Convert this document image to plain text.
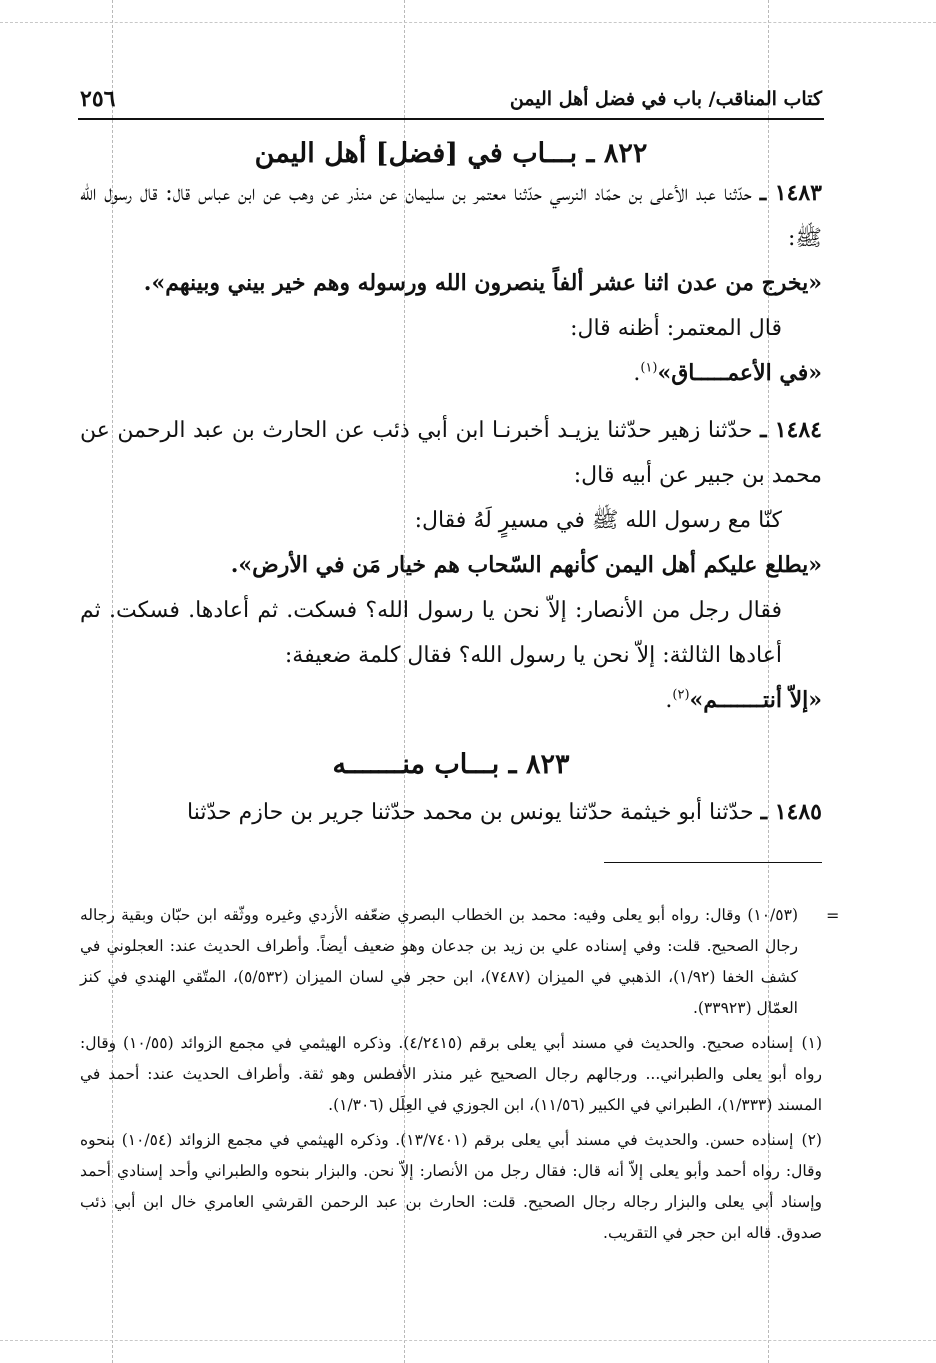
كتاب المناقب/ باب في فضل أهل اليمن
٢٥٦
٨٢٢ ـ بـــاب في [فضل] أهل اليمن

١٤٨٣ ـ حدّثنا عبد الأعلى بن حمّاد النرسي حدّثنا معتمر بن سليمان عن منذر عن وهب عن ابن عباس قال: قال رسول الله ﷺ:

«يخرج من عدن اثنا عشر ألفاً ينصرون الله ورسوله وهم خير بيني وبينهم».

قال المعتمر: أظنه قال:

«في الأعمـــــاق»$^{(١)}$.

١٤٨٤ ـ حدّثنا زهير حدّثنا يزيـد أخبرنـا ابن أبي ذئب عن الحارث بن عبد الرحمن عن محمد بن جبير عن أبيه قال:

كنّا مع رسول الله ﷺ في مسيرٍ لَهُ فقال:

«يطلع عليكم أهل اليمن كأنهم السّحاب هم خيار مَن في الأرض».

فقال رجل من الأنصار: إلاّ نحن يا رسول الله؟ فسكت. ثم أعادها. فسكت. ثم أعادها الثالثة: إلاّ نحن يا رسول الله؟ فقال كلمة ضعيفة:

«إلاّ أنتـــــــم»$^{(٢)}$.

٨٢٣ ـ بـــاب منـــــــه

١٤٨٥ ـ حدّثنا أبو خيثمة حدّثنا يونس بن محمد حدّثنا جرير بن حازم حدّثنا

=

(١٠/٥٣) وقال: رواه أبو يعلى وفيه: محمد بن الخطاب البصري ضعّفه الأزدي وغيره ووثّقه ابن حبّان وبقية رجاله رجال الصحيح. قلت: وفي إسناده علي بن زيد بن جدعان وهو ضعيف أيضاً. وأطراف الحديث عند: العجلوني في كشف الخفا (١/٩٢)، الذهبي في الميزان (٧٤٨٧)، ابن حجر في لسان الميزان (٥/٥٣٢)، المتّقي الهندي في كنز العمّال (٣٣٩٢٣).

(١) إسناده صحيح. والحديث في مسند أبي يعلى برقم (٤/٢٤١٥). وذكره الهيثمي في مجمع الزوائد (١٠/٥٥) وقال: رواه أبو يعلى والطبراني... ورجالهم رجال الصحيح غير منذر الأفطس وهو ثقة. وأطراف الحديث عند: أحمد في المسند (١/٣٣٣)، الطبراني في الكبير (١١/٥٦)، ابن الجوزي في العِلَل (١/٣٠٦).

(٢) إسناده حسن. والحديث في مسند أبي يعلى برقم (١٣/٧٤٠١). وذكره الهيثمي في مجمع الزوائد (١٠/٥٤) بنحوه وقال: رواه أحمد وأبو يعلى إلاّ أنه قال: فقال رجل من الأنصار: إلاّ نحن. والبزار بنحوه والطبراني وأحد إسنادي أحمد وإسناد أبي يعلى والبزار رجاله رجال الصحيح. قلت: الحارث بن عبد الرحمن القرشي العامري خال ابن أبي ذئب صدوق. قاله ابن حجر في التقريب.
